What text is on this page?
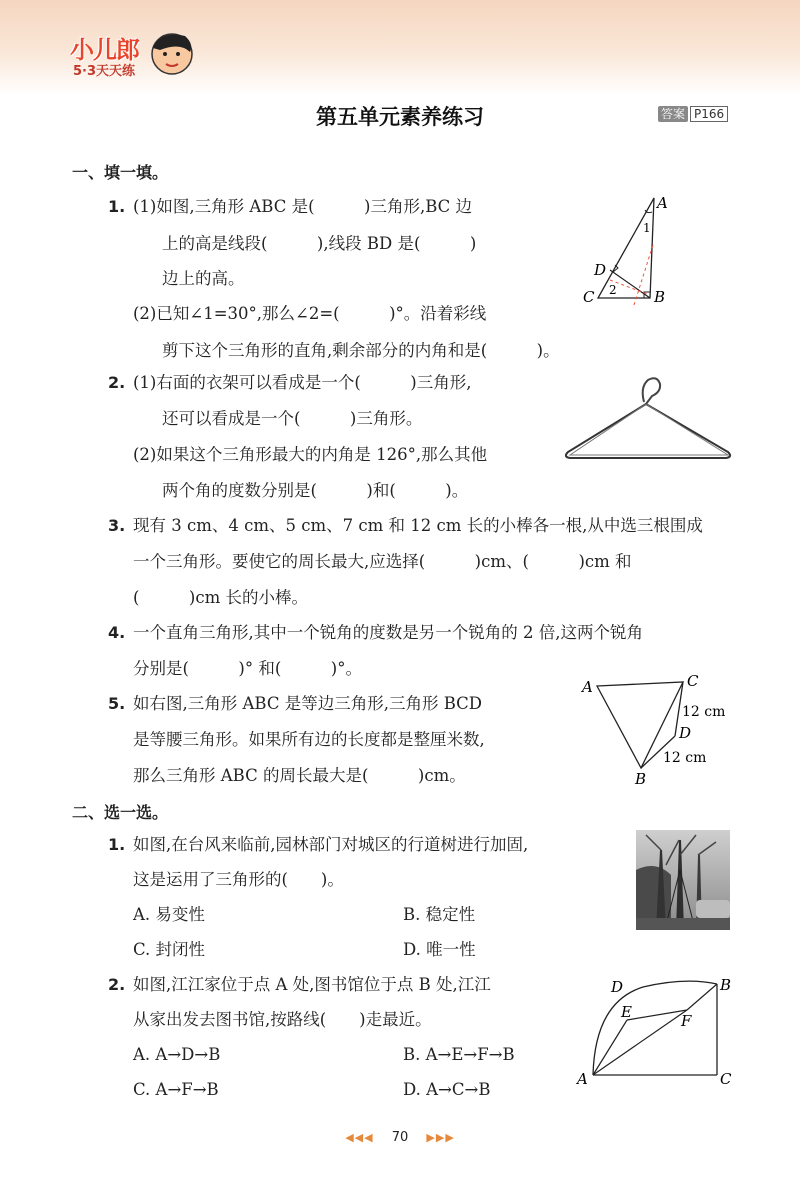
小儿郎
5·3天天练
第五单元素养练习	答案 P166
一、填一填。
1. (1)如图,三角形 ABC 是(　　　)三角形,BC 边
上的高是线段(　　　),线段 BD 是(　　　)
边上的高。
(2)已知∠1=30°,那么∠2=(　　　)°。沿着彩线
剪下这个三角形的直角,剩余部分的内角和是(　　　)。
A
B
C
D
1
2
2. (1)右面的衣架可以看成是一个(　　　)三角形,
还可以看成是一个(　　　)三角形。
(2)如果这个三角形最大的内角是 126°,那么其他
两个角的度数分别是(　　　)和(　　　)。
3. 现有 3 cm、4 cm、5 cm、7 cm 和 12 cm 长的小棒各一根,从中选三根围成
一个三角形。要使它的周长最大,应选择(　　　)cm、(　　　)cm 和
(　　　)cm 长的小棒。
4. 一个直角三角形,其中一个锐角的度数是另一个锐角的 2 倍,这两个锐角
分别是(　　　)° 和(　　　)°。
5. 如右图,三角形 ABC 是等边三角形,三角形 BCD
是等腰三角形。如果所有边的长度都是整厘米数,
那么三角形 ABC 的周长最大是(　　　)cm。
A	C
D
B
12 cm
12 cm
二、选一选。
1. 如图,在台风来临前,园林部门对城区的行道树进行加固,
这是运用了三角形的(　　)。
A. 易变性	B. 稳定性
C. 封闭性	D. 唯一性
2. 如图,江江家位于点 A 处,图书馆位于点 B 处,江江
从家出发去图书馆,按路线(　　)走最近。
A. A→D→B	B. A→E→F→B
C. A→F→B	D. A→C→B
A
B
C
D
E	F
◀◀◀ 70 ▶▶▶
